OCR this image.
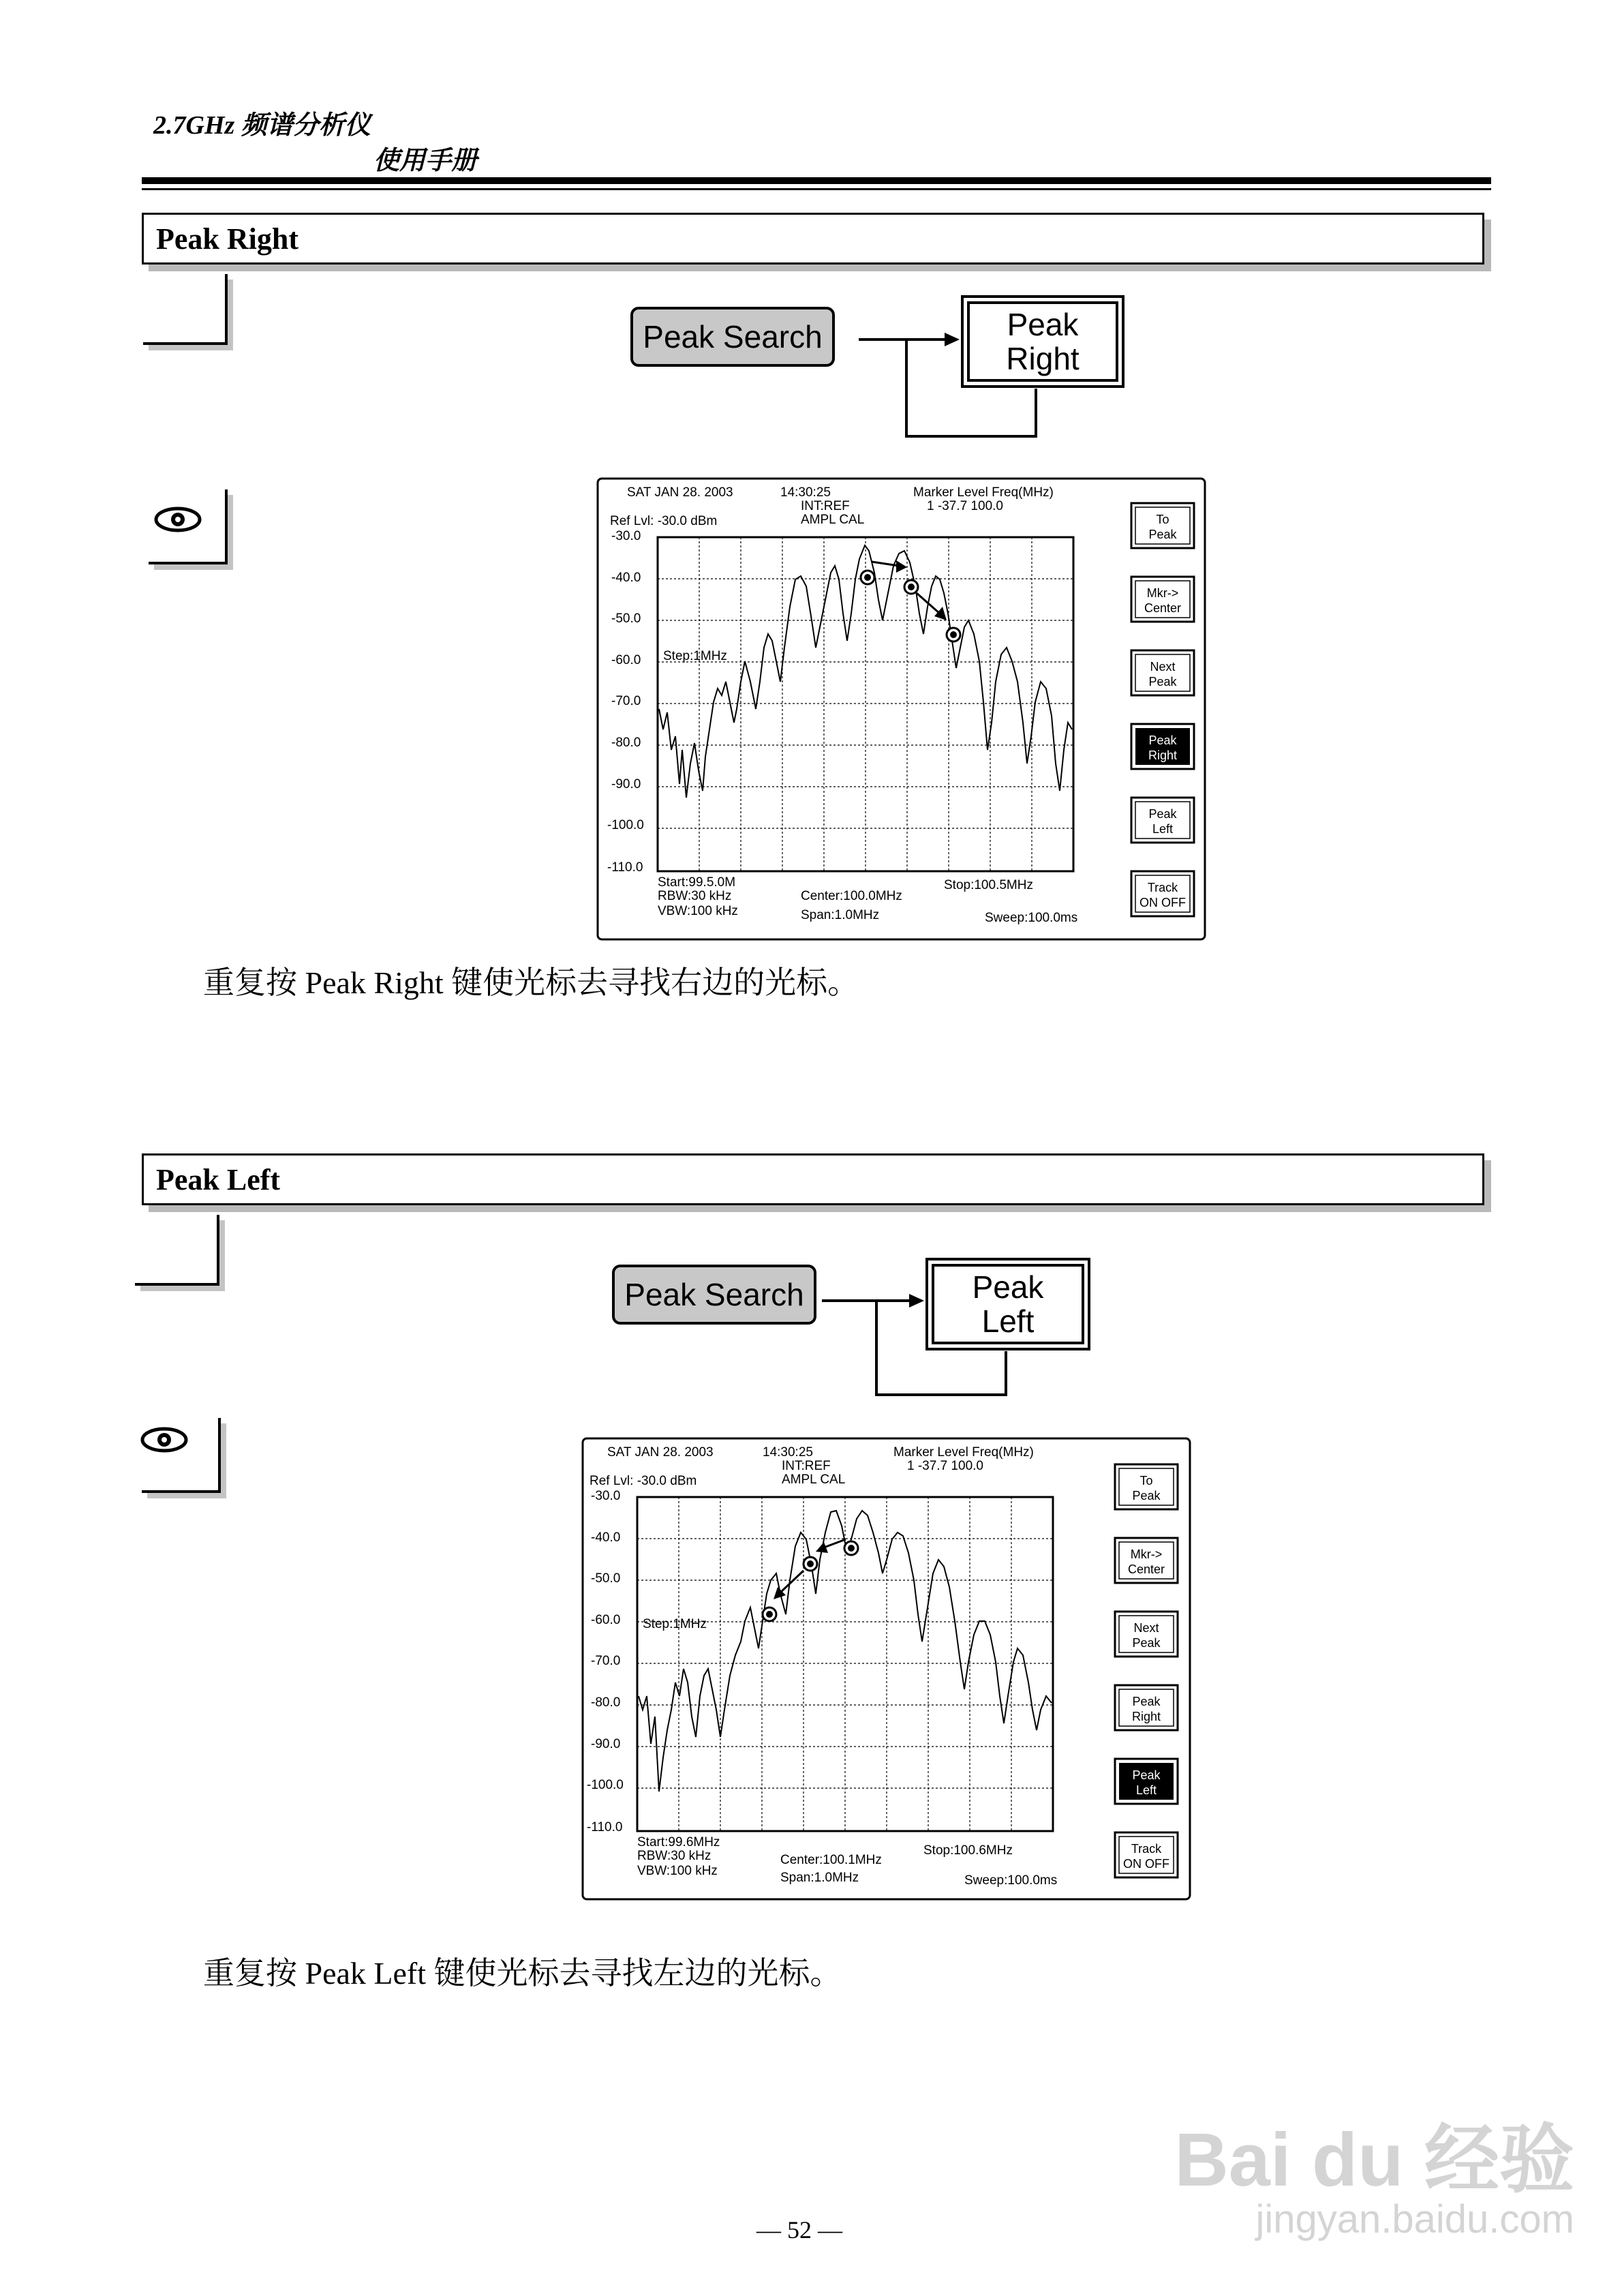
2.7GHz 频谱分析仪
使用手册
Peak Right
Peak Search	Peak
Right
SAT JAN 28. 2003	14:30:25
INT:REF
AMPL CAL
Marker Level Freq(MHz)
1 -37.7 100.0
Ref Lvl: -30.0 dBm
-30.0
-40.0
-50.0
-60.0
-70.0
-80.0
-90.0
-100.0
-110.0
Step:1MHz
Start:99.5.0M
RBW:30 kHz
VBW:100 kHz
Center:100.0MHz
Span:1.0MHz
Stop:100.5MHz
Sweep:100.0ms
To
Peak
Mkr->
Center
Next
Peak
Peak
Right
Peak
Left
Track
ON OFF
重复按 Peak Right 键使光标去寻找右边的光标。
Peak Left
Peak Search	Peak
Left
SAT JAN 28. 2003	14:30:25
INT:REF
AMPL CAL
Marker Level Freq(MHz)
1 -37.7 100.0
Ref Lvl: -30.0 dBm
-30.0
-40.0
-50.0
-60.0
-70.0
-80.0
-90.0
-100.0
-110.0
Step:1MHz
Start:99.6MHz
RBW:30 kHz
VBW:100 kHz
Center:100.1MHz
Span:1.0MHz
Stop:100.6MHz
Sweep:100.0ms
To
Peak
Mkr->
Center
Next
Peak
Peak
Right
Peak
Left
Track
ON OFF
重复按 Peak Left 键使光标去寻找左边的光标。
— 52 —
Bai du 经验
jingyan.baidu.com
